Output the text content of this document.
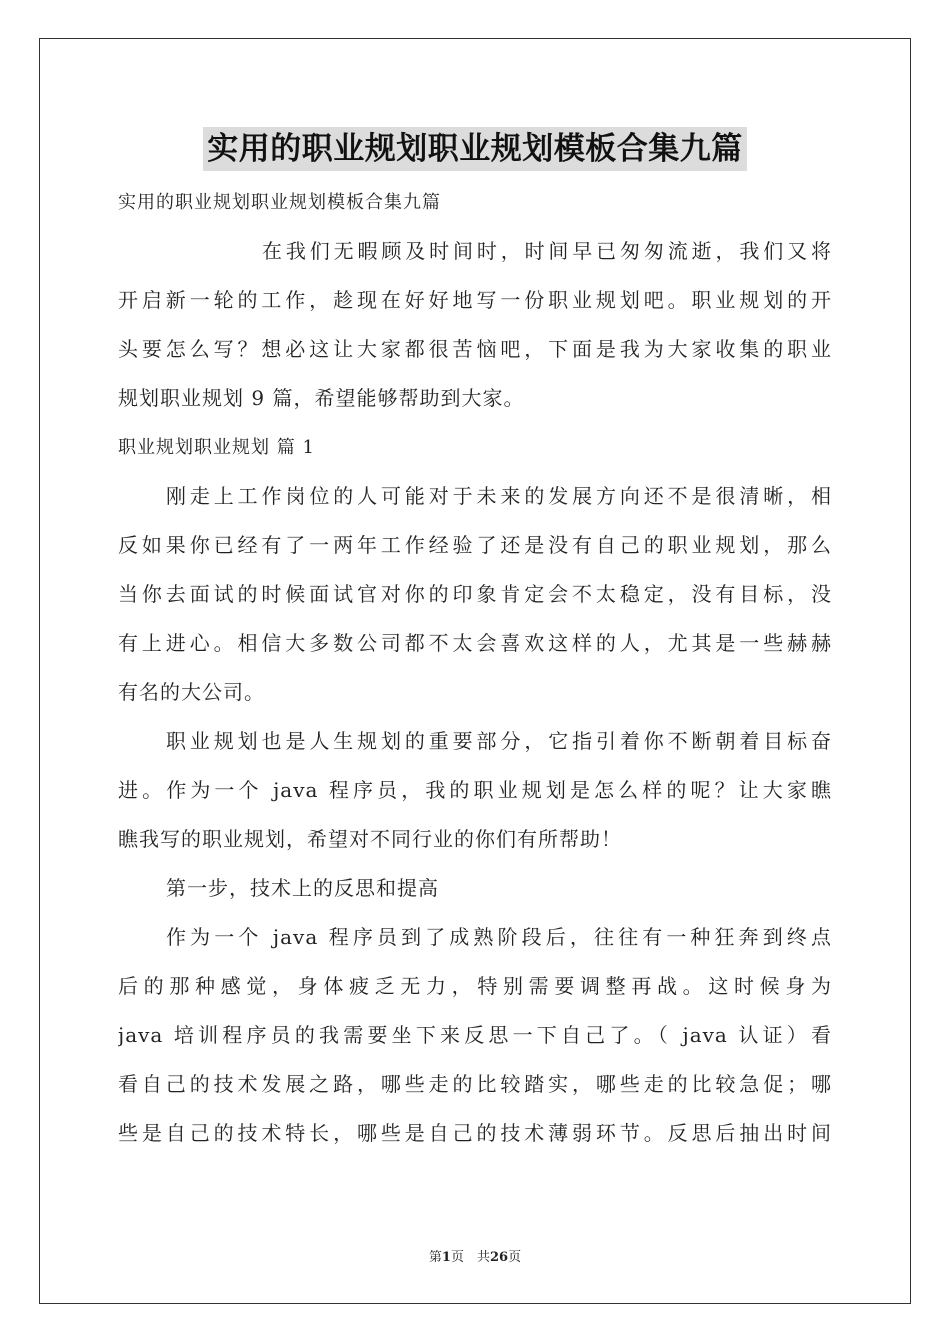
实用的职业规划职业规划模板合集九篇
实用的职业规划职业规划模板合集九篇
在我们无暇顾及时间时，时间早已匆匆流逝，我们又将
开启新一轮的工作，趁现在好好地写一份职业规划吧。职业规划的开
头要怎么写？想必这让大家都很苦恼吧，下面是我为大家收集的职业
规划职业规划 9 篇，希望能够帮助到大家。
职业规划职业规划 篇 1
刚走上工作岗位的人可能对于未来的发展方向还不是很清晰，相
反如果你已经有了一两年工作经验了还是没有自己的职业规划，那么
当你去面试的时候面试官对你的印象肯定会不太稳定，没有目标，没
有上进心。相信大多数公司都不太会喜欢这样的人，尤其是一些赫赫
有名的大公司。
职业规划也是人生规划的重要部分，它指引着你不断朝着目标奋
进。作为一个 java 程序员，我的职业规划是怎么样的呢？让大家瞧
瞧我写的职业规划，希望对不同行业的你们有所帮助！
第一步，技术上的反思和提高
作为一个 java 程序员到了成熟阶段后，往往有一种狂奔到终点
后的那种感觉，身体疲乏无力，特别需要调整再战。这时候身为
java 培训程序员的我需要坐下来反思一下自己了。（ java 认证）看
看自己的技术发展之路，哪些走的比较踏实，哪些走的比较急促；哪
些是自己的技术特长，哪些是自己的技术薄弱环节。反思后抽出时间
第1页　共26页
